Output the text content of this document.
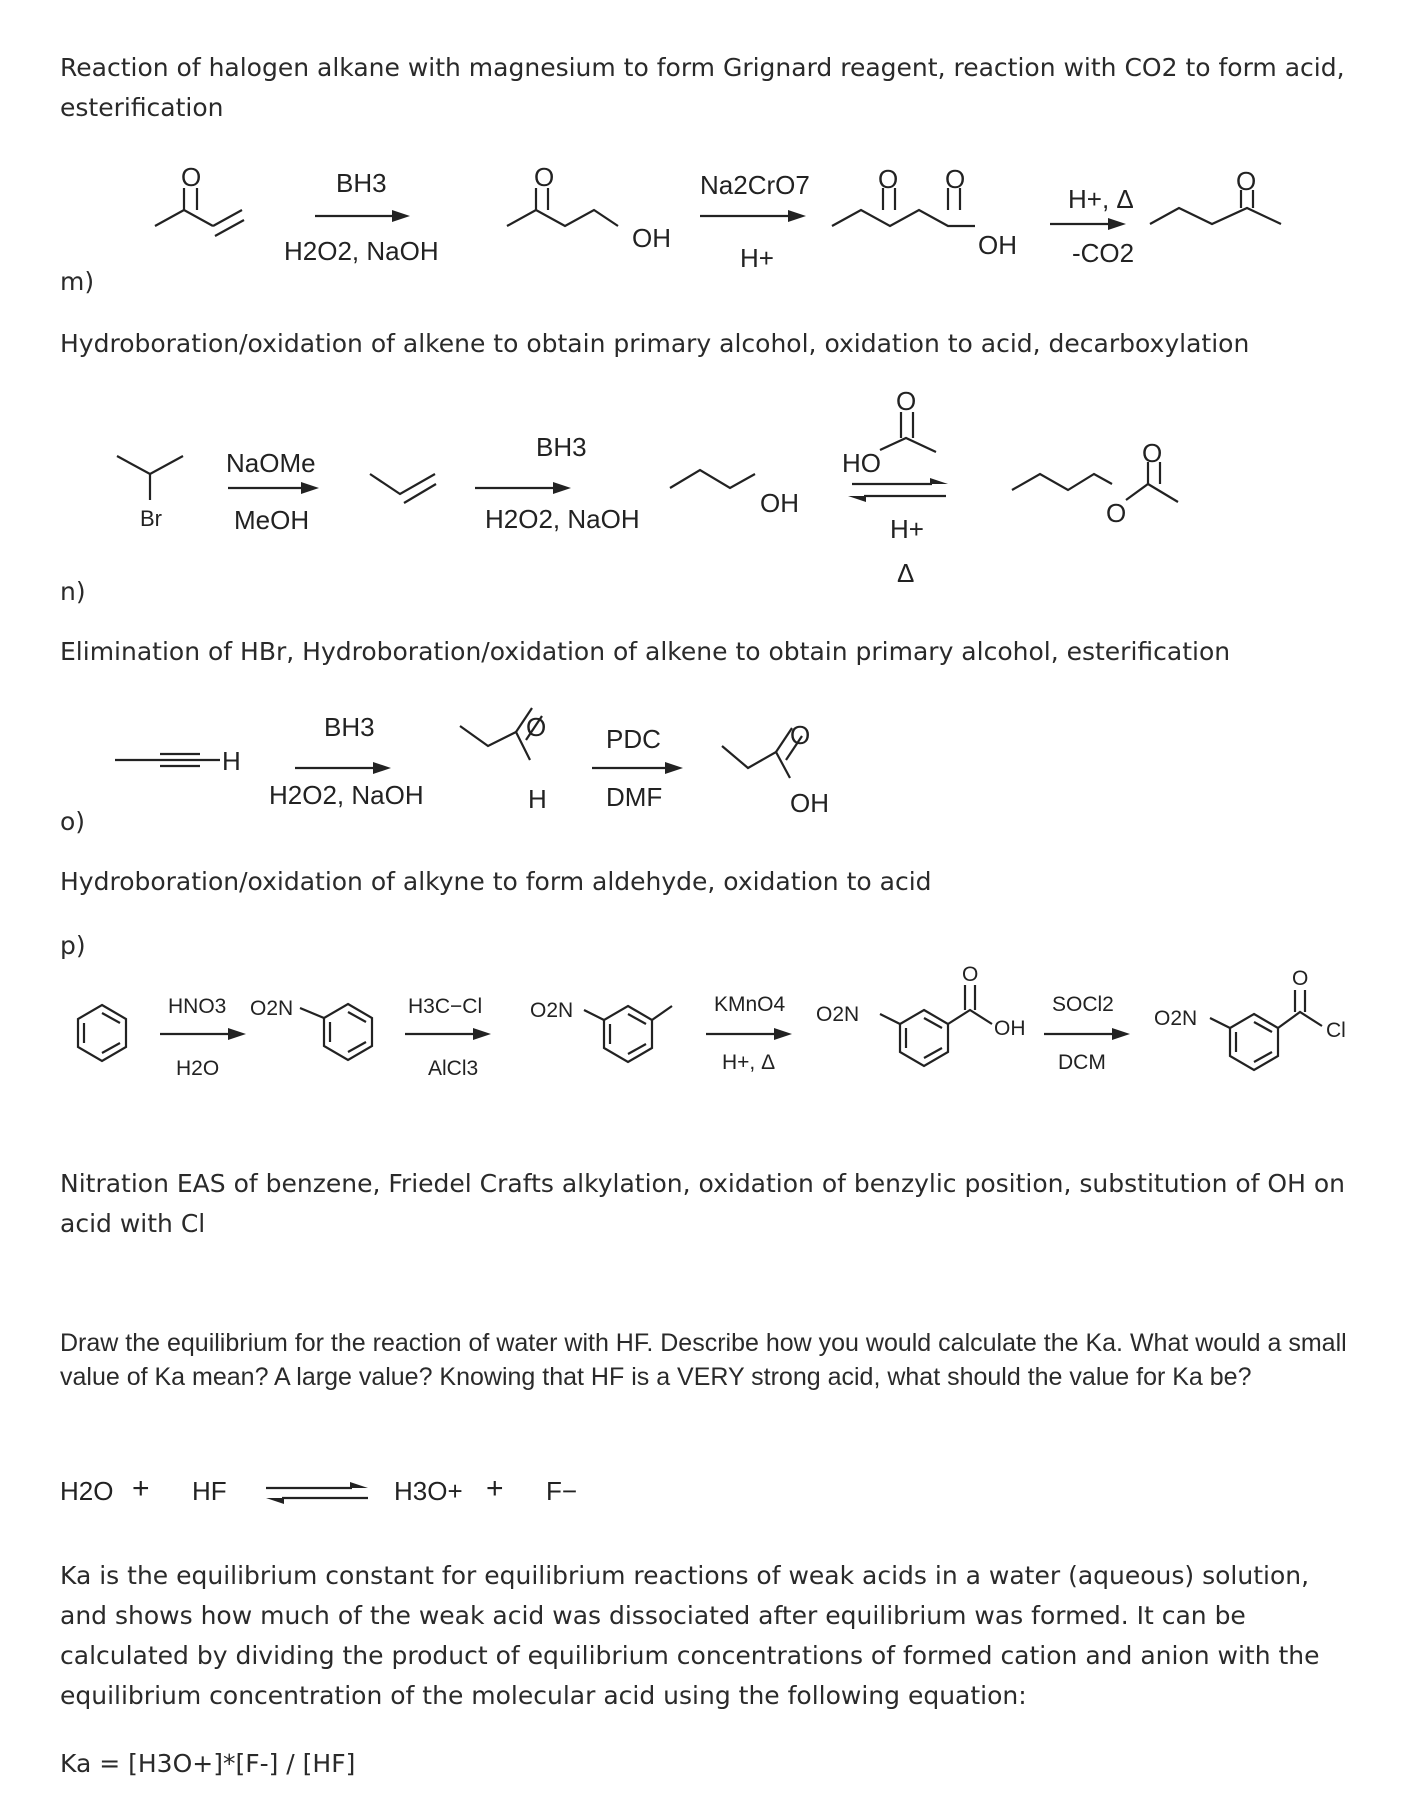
Reaction of halogen alkane with magnesium to form Grignard reagent, reaction with CO2 to form acid, esterification
O	O
OH
O O
OH
O
BH3
H2O2, NaOH
Na2CrO7
H+
H+, Δ
-CO2
m)
Hydroboration/oxidation of alkene to obtain primary alcohol, oxidation to acid, decarboxylation
Br
NaOMe
MeOH
BH3
H2O2, NaOH
OH
O
HO
H+
Δ
O
O
n)
Elimination of HBr, Hydroboration/oxidation of alkene to obtain primary alcohol, esterification
H
BH3
H2O2, NaOH
O
H
PDC
DMF
O
OH
o)
Hydroboration/oxidation of alkyne to form aldehyde, oxidation to acid
p)
HNO3
H2O
O2N	H3C−Cl
AlCl3
O2N	KMnO4
H+, Δ
O2N
O
OH
SOCl2
DCM
O2N
O
Cl
Nitration EAS of benzene, Friedel Crafts alkylation, oxidation of benzylic position, substitution of OH on acid with Cl
Draw the equilibrium for the reaction of water with HF. Describe how you would calculate the Ka. What would a small value of Ka mean? A large value? Knowing that HF is a VERY strong acid, what should the value for Ka be?
H2O + HF	H3O+ + F−
Ka is the equilibrium constant for equilibrium reactions of weak acids in a water (aqueous) solution, and shows how much of the weak acid was dissociated after equilibrium was formed. It can be calculated by dividing the product of equilibrium concentrations of formed cation and anion with the equilibrium concentration of the molecular acid using the following equation:
Ka = [H3O+]*[F-] / [HF]
